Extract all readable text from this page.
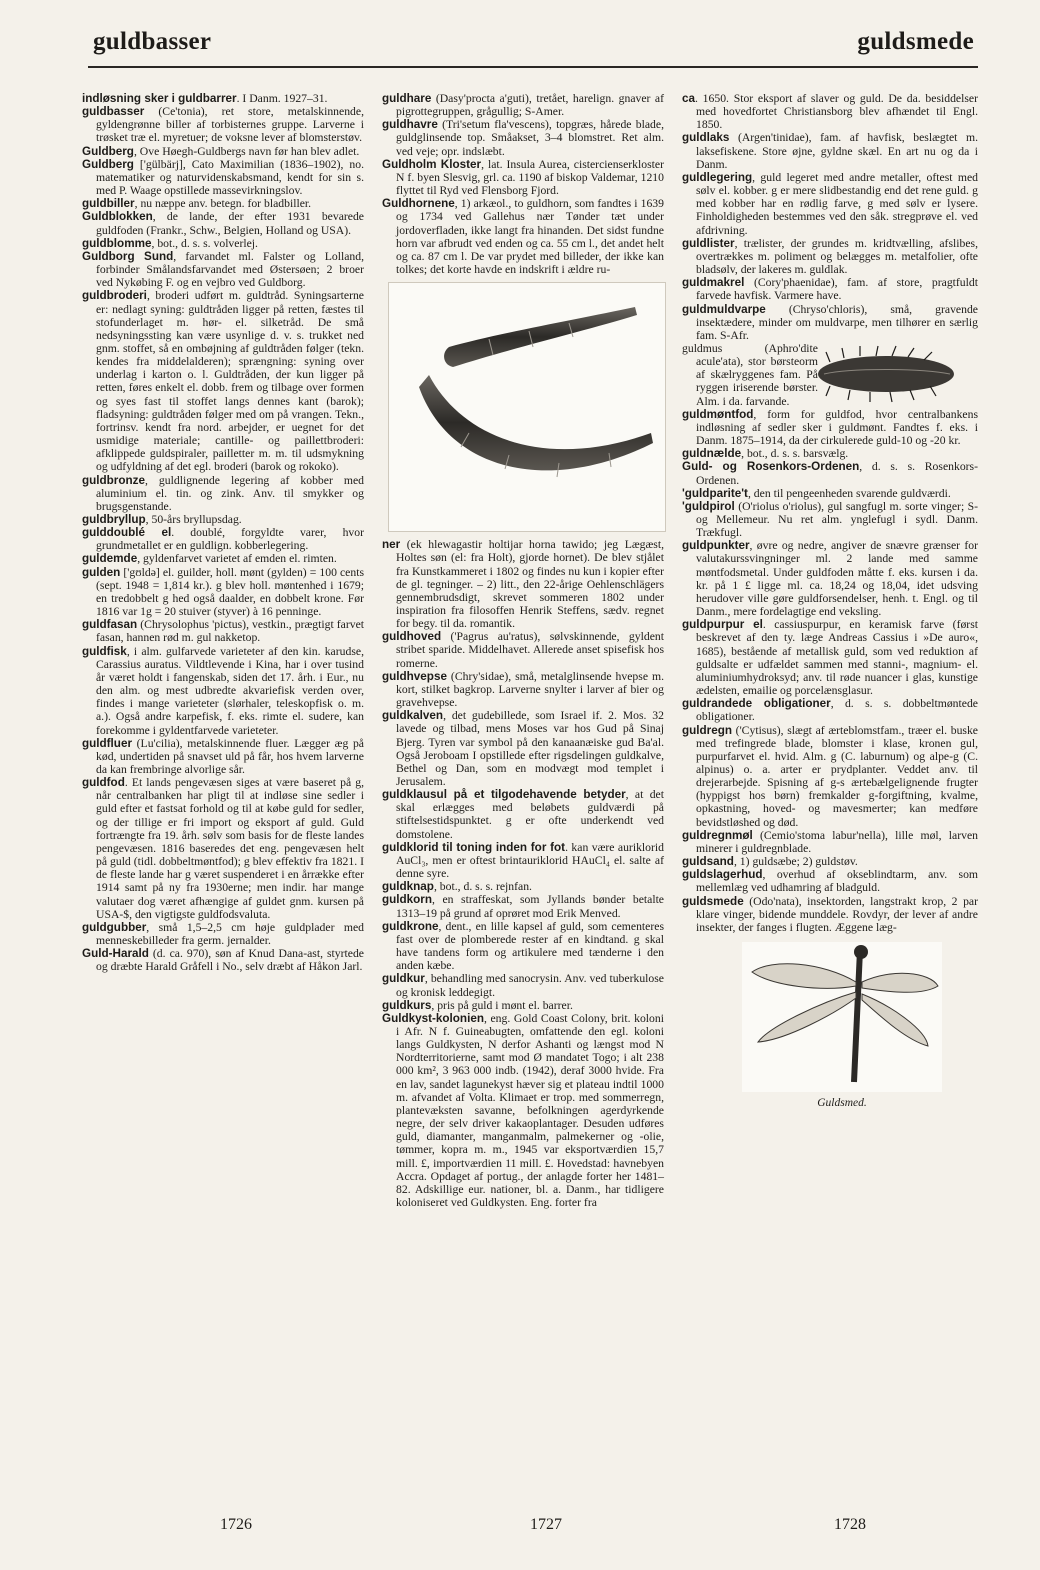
guldbasser	guldsmede

indløsning sker i guldbarrer. I Danm. 1927–31.

guldbasser (Ce'tonia), ret store, metalskinnende, gyldengrønne biller af torbisternes gruppe. Larverne i trøsket træ el. myretuer; de voksne lever af blomsterstøv.

Guldberg, Ove Høegh-Guldbergs navn før han blev adlet.

Guldberg ['gülbärj], Cato Maximilian (1836–1902), no. matematiker og naturvidenskabsmand, kendt for sin s. med P. Waage opstillede massevirkningslov.

guldbiller, nu næppe anv. betegn. for bladbiller.

Guldblokken, de lande, der efter 1931 bevarede guldfoden (Frankr., Schw., Belgien, Holland og USA).

guldblomme, bot., d. s. s. volverlej.

Guldborg Sund, farvandet ml. Falster og Lolland, forbinder Smålandsfarvandet med Østersøen; 2 broer ved Nykøbing F. og en vejbro ved Guldborg.

guldbroderi, broderi udført m. guldtråd. Syningsarterne er: nedlagt syning: guldtråden ligger på retten, fæstes til stofunderlaget m. hør- el. silketråd. De små nedsyningssting kan være usynlige d. v. s. trukket ned gnm. stoffet, så en ombøjning af guldtråden følger (tekn. kendes fra middelalderen); sprængning: syning over underlag i karton o. l. Guldtråden, der kun ligger på retten, føres enkelt el. dobb. frem og tilbage over formen og syes fast til stoffet langs dennes kant (barok); fladsyning: guldtråden følger med om på vrangen. Tekn., fortrinsv. kendt fra nord. arbejder, er uegnet for det usmidige materiale; cantille- og paillettbroderi: afklippede guldspiraler, pailletter m. m. til udsmykning og udfyldning af det egl. broderi (barok og rokoko).

guldbronze, guldlignende legering af kobber med aluminium el. tin. og zink. Anv. til smykker og brugsgenstande.

guldbryllup, 50-års bryllupsdag.

gulddoublé el. doublé, forgyldte varer, hvor grundmetallet er en guldlign. kobberlegering.

guldemde, gyldenfarvet varietet af emden el. rimten.

gulden ['gʊldə] el. guilder, holl. mønt (gylden) = 100 cents (sept. 1948 = 1,814 kr.). g blev holl. møntenhed i 1679; en tredobbelt g hed også daalder, en dobbelt krone. Før 1816 var 1g = 20 stuiver (styver) à 16 penninge.

guldfasan (Chrysolophus 'pictus), vestkin., prægtigt farvet fasan, hannen rød m. gul nakketop.

guldfisk, i alm. gulfarvede varieteter af den kin. karudse, Carassius auratus. Vildtlevende i Kina, har i over tusind år været holdt i fangenskab, siden det 17. årh. i Eur., nu den alm. og mest udbredte akvariefisk verden over, findes i mange varieteter (slørhaler, teleskopfisk o. m. a.). Også andre karpefisk, f. eks. rimte el. sudere, kan forekomme i gyldentfarvede varieteter.

guldfluer (Lu'cilia), metalskinnende fluer. Lægger æg på kød, undertiden på snavset uld på får, hos hvem larverne da kan frembringe alvorlige sår.

guldfod. Et lands pengevæsen siges at være baseret på g, når centralbanken har pligt til at indløse sine sedler i guld efter et fastsat forhold og til at købe guld for sedler, og der tillige er fri import og eksport af guld. Guld fortrængte fra 19. årh. sølv som basis for de fleste landes pengevæsen. 1816 baseredes det eng. pengevæsen helt på guld (tidl. dobbeltmøntfod); g blev effektiv fra 1821. I de fleste lande har g været suspenderet i en årrække efter 1914 samt på ny fra 1930erne; men indir. har mange valutaer dog været afhængige af guldet gnm. kursen på USA-$, den vigtigste guldfodsvaluta.

guldgubber, små 1,5–2,5 cm høje guldplader med menneskebilleder fra germ. jernalder.

Guld-Harald (d. ca. 970), søn af Knud Dana-ast, styrtede og dræbte Harald Gråfell i No., selv dræbt af Håkon Jarl.

guldhare (Dasy'procta a'guti), tretået, harelign. gnaver af pigrottegruppen, grågullig; S-Amer.

guldhavre (Tri'setum fla'vescens), topgræs, hårede blade, guldglinsende top. Småakset, 3–4 blomstret. Ret alm. ved veje; opr. indslæbt.

Guldholm Kloster, lat. Insula Aurea, cistercienserkloster N f. byen Slesvig, grl. ca. 1190 af biskop Valdemar, 1210 flyttet til Ryd ved Flensborg Fjord.

Guldhornene, 1) arkæol., to guldhorn, som fandtes i 1639 og 1734 ved Gallehus nær Tønder tæt under jordoverfladen, ikke langt fra hinanden. Det sidst fundne horn var afbrudt ved enden og ca. 55 cm l., det andet helt og ca. 87 cm l. De var prydet med billeder, der ikke kan tolkes; det korte havde en indskrift i ældre ru-

ner (ek hlewagastir holtijar horna tawido; jeg Lægæst, Holtes søn (el: fra Holt), gjorde hornet). De blev stjålet fra Kunstkammeret i 1802 og findes nu kun i kopier efter de gl. tegninger. – 2) litt., den 22-årige Oehlenschlägers gennembrudsdigt, skrevet sommeren 1802 under inspiration fra filosoffen Henrik Steffens, sædv. regnet for begy. til da. romantik.

guldhoved ('Pagrus au'ratus), sølvskinnende, gyldent stribet sparide. Middelhavet. Allerede anset spisefisk hos romerne.

guldhvepse (Chry'sidae), små, metalglinsende hvepse m. kort, stilket bagkrop. Larverne snylter i larver af bier og gravehvepse.

guldkalven, det gudebillede, som Israel if. 2. Mos. 32 lavede og tilbad, mens Moses var hos Gud på Sinaj Bjerg. Tyren var symbol på den kanaanæiske gud Ba'al. Også Jeroboam I opstillede efter rigsdelingen guldkalve, Bethel og Dan, som en modvægt mod templet i Jerusalem.

guldklausul på et tilgodehavende betyder, at det skal erlægges med beløbets guldværdi på stiftelsestidspunktet. g er ofte underkendt ved domstolene.

guldklorid til toning inden for fot. kan være auriklorid AuCl₃, men er oftest brintauriklorid HAuCl₄ el. salte af denne syre.

guldknap, bot., d. s. s. rejnfan.

guldkorn, en straffeskat, som Jyllands bønder betalte 1313–19 på grund af oprøret mod Erik Menved.

guldkrone, dent., en lille kapsel af guld, som cementeres fast over de plomberede rester af en kindtand. g skal have tandens form og artikulere med tænderne i den anden kæbe.

guldkur, behandling med sanocrysin. Anv. ved tuberkulose og kronisk leddegigt.

guldkurs, pris på guld i mønt el. barrer.

Guldkyst-kolonien, eng. Gold Coast Colony, brit. koloni i Afr. N f. Guineabugten, omfattende den egl. koloni langs Guldkysten, N derfor Ashanti og længst mod N Nordterritorierne, samt mod Ø mandatet Togo; i alt 238 000 km², 3 963 000 indb. (1942), deraf 3000 hvide. Fra en lav, sandet lagunekyst hæver sig et plateau indtil 1000 m. afvandet af Volta. Klimaet er trop. med sommerregn, plantevæksten savanne, befolkningen agerdyrkende negre, der selv driver kakaoplantager. Desuden udføres guld, diamanter, manganmalm, palmekerner og -olie, tømmer, kopra m. m., 1945 var eksportværdien 15,7 mill. £, importværdien 11 mill. £. Hovedstad: havnebyen Accra. Opdaget af portug., der anlagde forter her 1481–82. Adskillige eur. nationer, bl. a. Danm., har tidligere koloniseret ved Guldkysten. Eng. forter fra

ca. 1650. Stor eksport af slaver og guld. De da. besiddelser med hovedfortet Christiansborg blev afhændet til Engl. 1850.

guldlaks (Argen'tinidae), fam. af havfisk, beslægtet m. laksefiskene. Store øjne, gyldne skæl. En art nu og da i Danm.

guldlegering, guld legeret med andre metaller, oftest med sølv el. kobber. g er mere slidbestandig end det rene guld. g med kobber har en rødlig farve, g med sølv er lysere. Finholdigheden bestemmes ved den såk. stregprøve el. ved afdrivning.

guldlister, trælister, der grundes m. kridtvælling, afslibes, overtrækkes m. poliment og belægges m. metalfolier, ofte bladsølv, der lakeres m. guldlak.

guldmakrel (Cory'phaenidae), fam. af store, pragtfuldt farvede havfisk. Varmere have.

guldmuldvarpe (Chryso'chloris), små, gravende insektædere, minder om muldvarpe, men tilhører en særlig fam. S-Afr.

guldmus (Aphro'dite acule'ata), stor børsteorm af skælryggenes fam. På ryggen iriserende børster. Alm. i da. farvande.

guldmøntfod, form for guldfod, hvor centralbankens indløsning af sedler sker i guldmønt. Fandtes f. eks. i Danm. 1875–1914, da der cirkulerede guld-10 og -20 kr.

guldnælde, bot., d. s. s. barsvælg.

Guld- og Rosenkors-Ordenen, d. s. s. Rosenkors-Ordenen.

'guldparite't, den til pengeenheden svarende guldværdi.

'guldpirol (O'riolus o'riolus), gul sangfugl m. sorte vinger; S- og Mellemeur. Nu ret alm. ynglefugl i sydl. Danm. Trækfugl.

guldpunkter, øvre og nedre, angiver de snævre grænser for valutakurssvingninger ml. 2 lande med samme møntfodsmetal. Under guldfoden måtte f. eks. kursen i da. kr. på 1 £ ligge ml. ca. 18,24 og 18,04, idet udsving herudover ville gøre guldforsendelser, henh. t. Engl. og til Danm., mere fordelagtige end veksling.

guldpurpur el. cassiuspurpur, en keramisk farve (først beskrevet af den ty. læge Andreas Cassius i »De auro«, 1685), bestående af metallisk guld, som ved reduktion af guldsalte er udfældet sammen med stanni-, magnium- el. aluminiumhydroksyd; anv. til røde nuancer i glas, kunstige ædelsten, emailie og porcelænsglasur.

guldrandede obligationer, d. s. s. dobbeltmøntede obligationer.

guldregn ('Cytisus), slægt af ærteblomstfam., træer el. buske med trefingrede blade, blomster i klase, kronen gul, purpurfarvet el. hvid. Alm. g (C. laburnum) og alpe-g (C. alpinus) o. a. arter er prydplanter. Veddet anv. til drejerarbejde. Spisning af g-s ærtebælgelignende frugter (hyppigst hos børn) fremkalder g-forgiftning, kvalme, opkastning, hoved- og mavesmerter; kan medføre bevidstløshed og død.

guldregnmøl (Cemio'stoma labur'nella), lille møl, larven minerer i guldregnblade.

guldsand, 1) guldsæbe; 2) guldstøv.

guldslagerhud, overhud af okseblindtarm, anv. som mellemlæg ved udhamring af bladguld.

guldsmede (Odo'nata), insektorden, langstrakt krop, 2 par klare vinger, bidende munddele. Rovdyr, der lever af andre insekter, der fanges i flugten. Æggene læg-

Guldsmed.
1726	1727	1728
